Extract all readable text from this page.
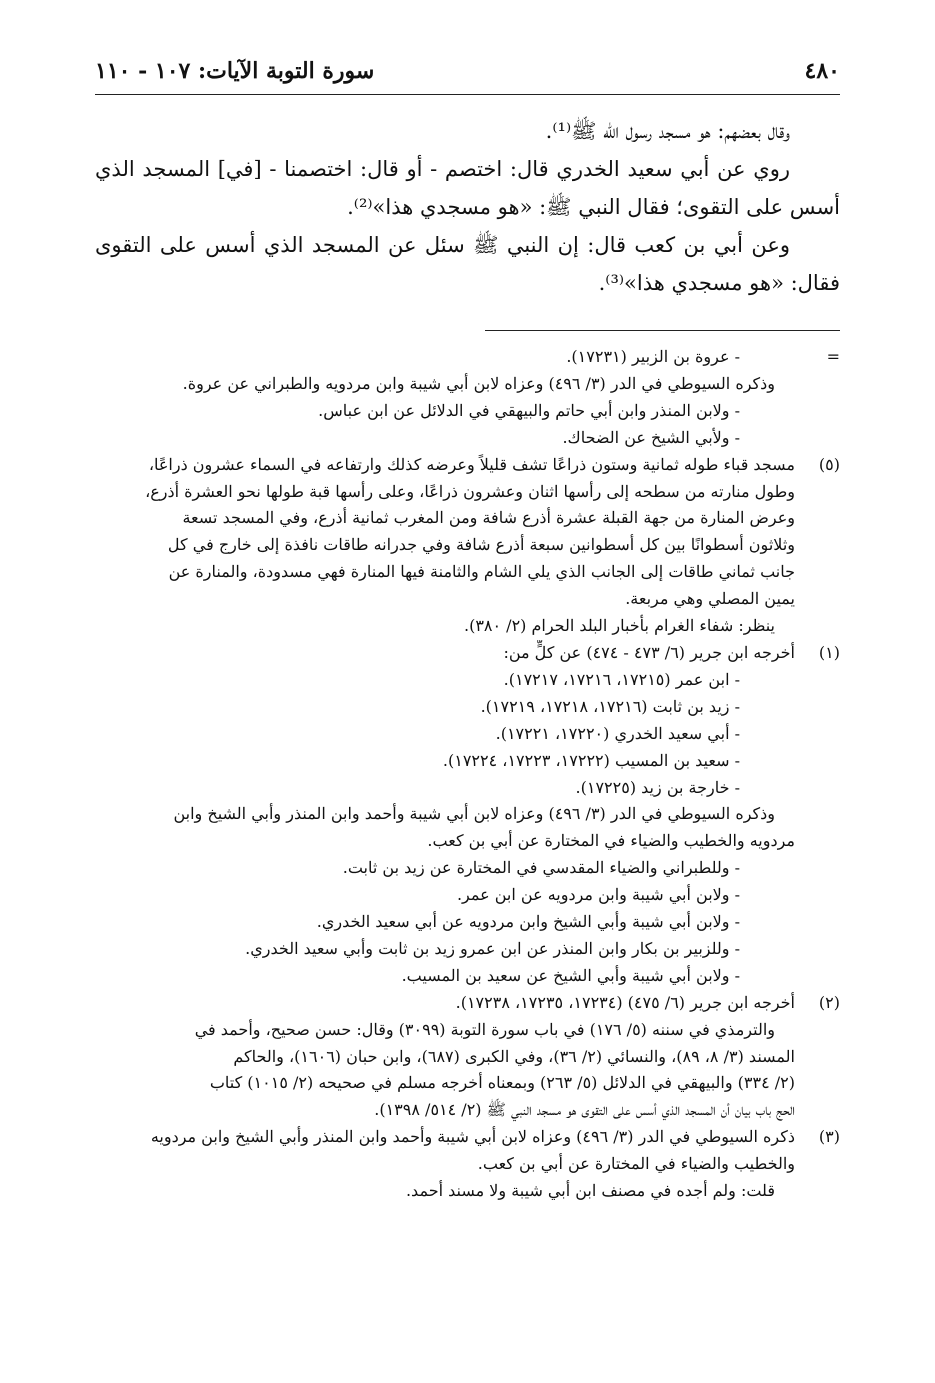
٤٨٠
سورة التوبة الآيات: ١٠٧ - ١١٠

وقال بعضهم: هو مسجد رسول الله ﷺ⁽¹⁾.

روي عن أبي سعيد الخدري قال: اختصم - أو قال: اختصمنا - [في] المسجد الذي أسس على التقوى؛ فقال النبي ﷺ: «هو مسجدي هذا»⁽²⁾.

وعن أبي بن كعب قال: إن النبي ﷺ سئل عن المسجد الذي أسس على التقوى فقال: «هو مسجدي هذا»⁽³⁾.

=
- عروة بن الزبير (١٧٢٣١).
وذكره السيوطي في الدر (٣/ ٤٩٦) وعزاه لابن أبي شيبة وابن مردويه والطبراني عن عروة.
- ولابن المنذر وابن أبي حاتم والبيهقي في الدلائل عن ابن عباس.
- ولأبي الشيخ عن الضحاك.
(٥)
مسجد قباء طوله ثمانية وستون ذراعًا تشف قليلاً وعرضه كذلك وارتفاعه في السماء عشرون ذراعًا،
وطول منارته من سطحه إلى رأسها اثنان وعشرون ذراعًا، وعلى رأسها قبة طولها نحو العشرة أذرع،
وعرض المنارة من جهة القبلة عشرة أذرع شافة ومن المغرب ثمانية أذرع، وفي المسجد تسعة
وثلاثون أسطوانًا بين كل أسطوانين سبعة أذرع شافة وفي جدرانه طاقات نافذة إلى خارج في كل
جانب ثماني طاقات إلى الجانب الذي يلي الشام والثامنة فيها المنارة فهي مسدودة، والمنارة عن
يمين المصلي وهي مربعة.
ينظر: شفاء الغرام بأخبار البلد الحرام (٢/ ٣٨٠).
(١)
أخرجه ابن جرير (٦/ ٤٧٣ - ٤٧٤) عن كلٍّ من:
- ابن عمر (١٧٢١٥، ١٧٢١٦، ١٧٢١٧).
- زيد بن ثابت (١٧٢١٦، ١٧٢١٨، ١٧٢١٩).
- أبي سعيد الخدري (١٧٢٢٠، ١٧٢٢١).
- سعيد بن المسيب (١٧٢٢٢، ١٧٢٢٣، ١٧٢٢٤).
- خارجة بن زيد (١٧٢٢٥).
وذكره السيوطي في الدر (٣/ ٤٩٦) وعزاه لابن أبي شيبة وأحمد وابن المنذر وأبي الشيخ وابن
مردويه والخطيب والضياء في المختارة عن أبي بن كعب.
- وللطبراني والضياء المقدسي في المختارة عن زيد بن ثابت.
- ولابن أبي شيبة وابن مردويه عن ابن عمر.
- ولابن أبي شيبة وأبي الشيخ وابن مردويه عن أبي سعيد الخدري.
- وللزبير بن بكار وابن المنذر عن ابن عمرو زيد بن ثابت وأبي سعيد الخدري.
- ولابن أبي شيبة وأبي الشيخ عن سعيد بن المسيب.
(٢)
أخرجه ابن جرير (٦/ ٤٧٥) (١٧٢٣٤، ١٧٢٣٥، ١٧٢٣٨).
والترمذي في سننه (٥/ ١٧٦) في باب سورة التوبة (٣٠٩٩) وقال: حسن صحيح، وأحمد في
المسند (٣/ ٨، ٨٩)، والنسائي (٢/ ٣٦)، وفي الكبرى (٦٨٧)، وابن حبان (١٦٠٦)، والحاكم
(٢/ ٣٣٤) والبيهقي في الدلائل (٥/ ٢٦٣) وبمعناه أخرجه مسلم في صحيحه (٢/ ١٠١٥) كتاب
الحج باب بيان أن المسجد الذي أسس على التقوى هو مسجد النبي ﷺ (٢/ ٥١٤/ ١٣٩٨).
(٣)
ذكره السيوطي في الدر (٣/ ٤٩٦) وعزاه لابن أبي شيبة وأحمد وابن المنذر وأبي الشيخ وابن مردويه
والخطيب والضياء في المختارة عن أبي بن كعب.
قلت: ولم أجده في مصنف ابن أبي شيبة ولا مسند أحمد.
